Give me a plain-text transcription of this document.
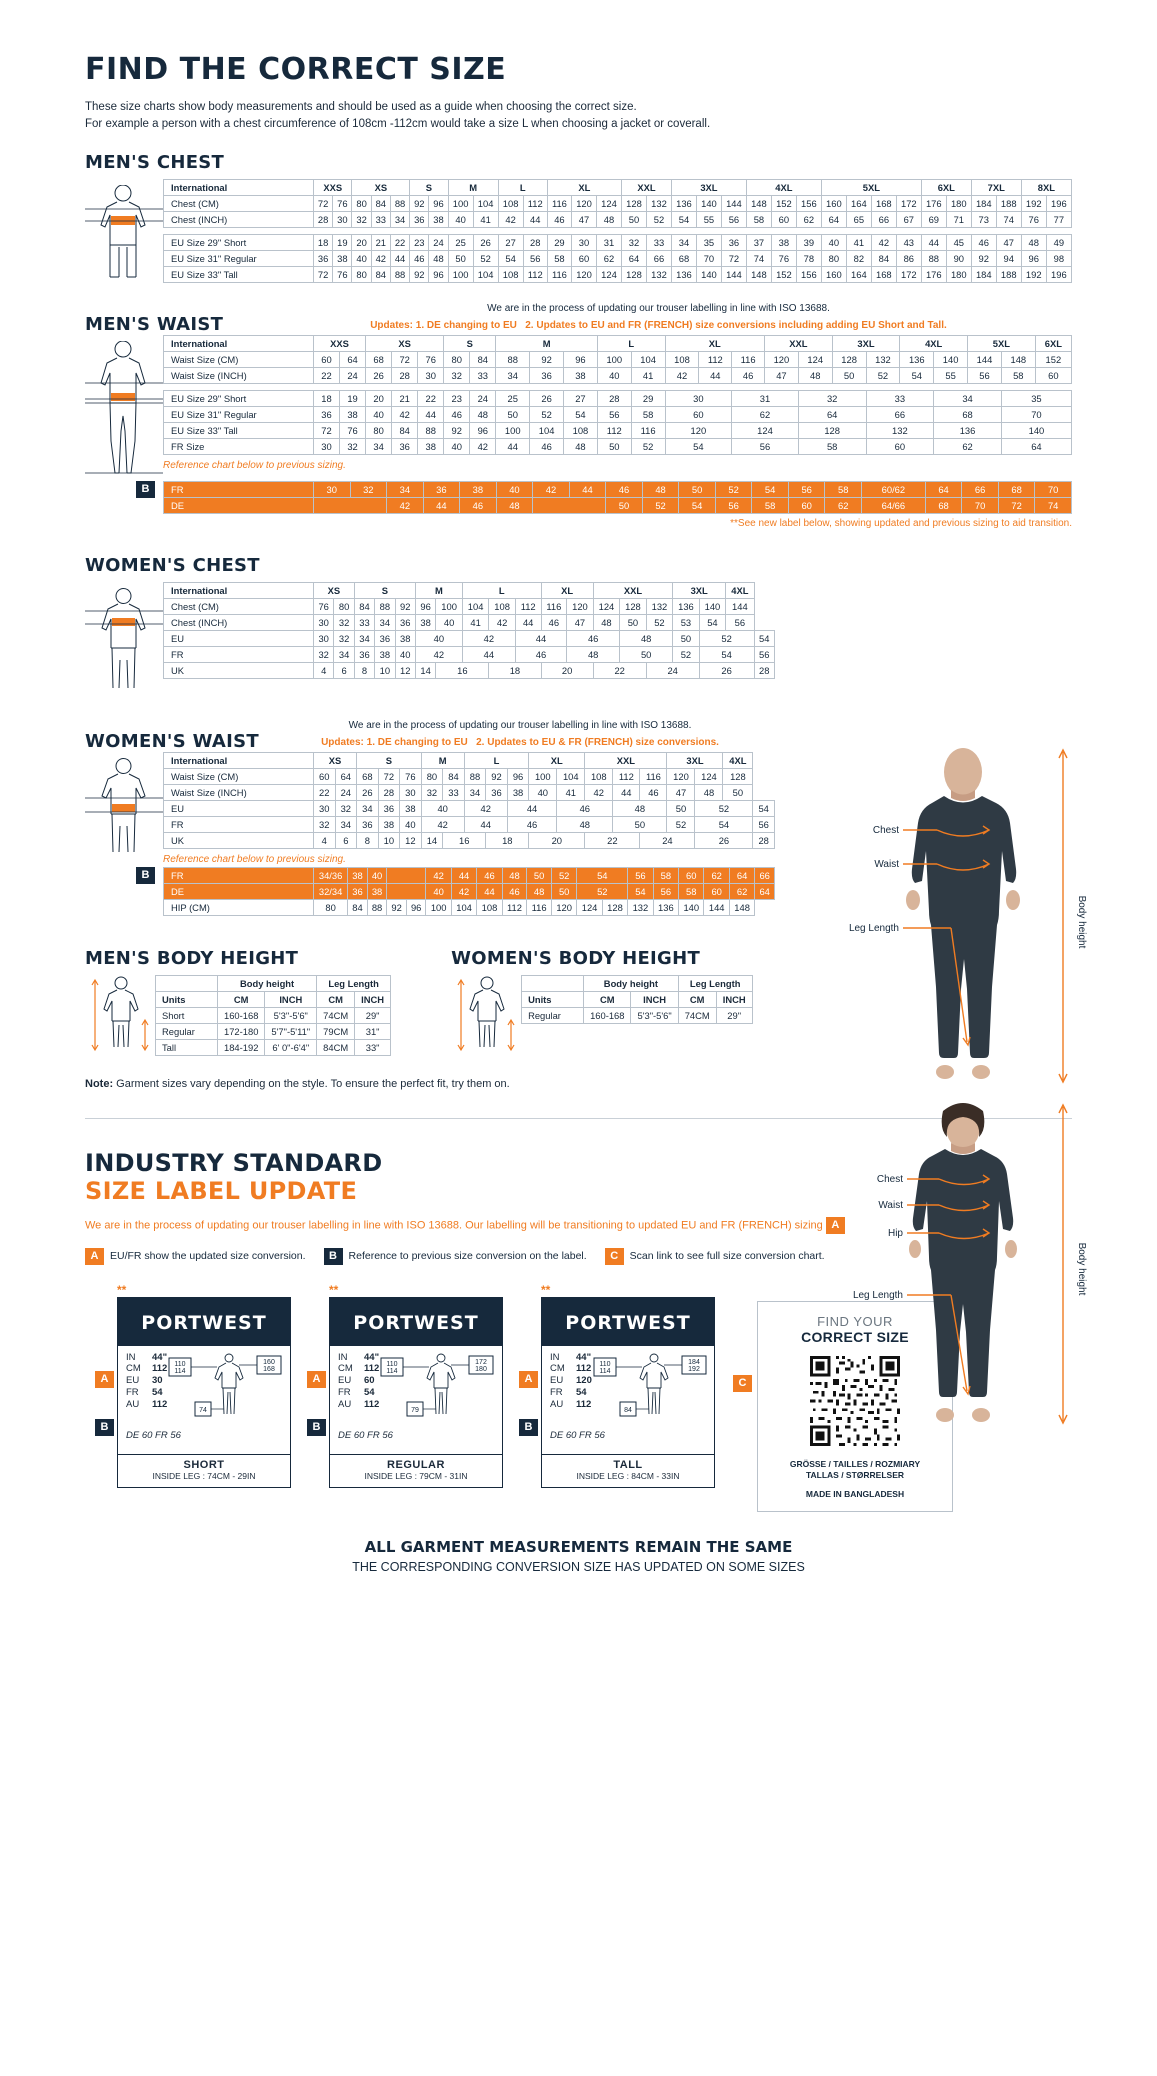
FIND THE CORRECT SIZE
These size charts show body measurements and should be used as a guide when choosing the correct size.
For example a person with a chest circumference of 108cm -112cm would take a size L when choosing a jacket or coverall.
MEN'S CHEST
International	XXS		XS			S		M		L		XL			XXL		3XL			4XL			5XL				6XL		7XL		8XL	
Chest (CM)	72	76	80	84	88	92	96	100	104	108	112	116	120	124	128	132	136	140	144	148	152	156	160	164	168	172	176	180	184	188	192	196
Chest (INCH)	28	30	32	33	34	36	38	40	41	42	44	46	47	48	50	52	54	55	56	58	60	62	64	65	66	67	69	71	73	74	76	77

EU Size 29" Short	18	19	20	21	22	23	24	25	26	27	28	29	30	31	32	33	34	35	36	37	38	39	40	41	42	43	44	45	46	47	48	49
EU Size 31" Regular	36	38	40	42	44	46	48	50	52	54	56	58	60	62	64	66	68	70	72	74	76	78	80	82	84	86	88	90	92	94	96	98
EU Size 33" Tall	72	76	80	84	88	92	96	100	104	108	112	116	120	124	128	132	136	140	144	148	152	156	160	164	168	172	176	180	184	188	192	196
MEN'S WAIST
We are in the process of updating our trouser labelling in line with ISO 13688.
Updates: 1. DE changing to EU 2. Updates to EU and FR (FRENCH) size conversions including adding EU Short and Tall.
International	XXS		XS			S		M			L		XL			XXL		3XL		4XL		5XL		6XL
Waist Size (CM)	60	64	68	72	76	80	84	88	92	96	100	104	108	112	116	120	124	128	132	136	140	144	148	152
Waist Size (INCH)	22	24	26	28	30	32	33	34	36	38	40	41	42	44	46	47	48	50	52	54	55	56	58	60

EU Size 29" Short	18	19	20	21	22	23	24	25	26	27	28	29	30		31		32		33		34		35	
EU Size 31" Regular	36	38	40	42	44	46	48	50	52	54	56	58	60		62		64		66		68		70	
EU Size 33" Tall	72	76	80	84	88	92	96	100	104	108	112	116	120		124		128		132		136		140	
FR Size	30	32	34	36	38	40	42	44	46	48	50	52	54		56		58		60		62		64	
Reference chart below to previous sizing.
B	FR	30	32	34	36	38	40	42	44	46	48	50	52	54	56	58	60/62	64	66	68	70
DE			42	44	46	48			50	52	54	56	58	60	62	64/66	68	70	72	74
**See new label below, showing updated and previous sizing to aid transition.
WOMEN'S CHEST
International	XS		S			M		L			XL		XXL			3XL		4XL	
Chest (CM)	76	80	84	88	92	96	100	104	108	112	116	120	124	128	132	136	140	144	
Chest (INCH)	30	32	33	34	36	38	40	41	42	44	46	47	48	50	52	53	54	56	
EU	30	32	34	36	38	40		42		44		46		48		50	52		54
FR	32	34	36	38	40	42		44		46		48		50		52	54		56
UK	4	6	8	10	12	14	16		18		20		22		24		26		28
WOMEN'S WAIST
We are in the process of updating our trouser labelling in line with ISO 13688.
Updates: 1. DE changing to EU 2. Updates to EU & FR (FRENCH) size conversions.
International	XS		S			M		L			XL		XXL			3XL		4XL	
Waist Size (CM)	60	64	68	72	76	80	84	88	92	96	100	104	108	112	116	120	124	128	
Waist Size (INCH)	22	24	26	28	30	32	33	34	36	38	40	41	42	44	46	47	48	50	
EU	30	32	34	36	38	40		42		44		46		48		50	52		54
FR	32	34	36	38	40	42		44		46		48		50		52	54		56
UK	4	6	8	10	12	14	16		18		20		22		24		26		28
Reference chart below to previous sizing.
B	FR	34/36	38	40			42	44	46	48	50	52	54		56	58	60	62	64	66
DE	32/34	36	38			40	42	44	46	48	50	52		54	56	58	60	62	64
HIP (CM)	80	84	88	92	96	100	104	108	112	116	120	124	128	132	136	140	144	148	
MEN'S BODY HEIGHT
	Body height		Leg Length	
Units	CM	INCH	CM	INCH
Short	160-168	5'3"-5'6"	74CM	29"
Regular	172-180	5'7"-5'11"	79CM	31"
Tall	184-192	6' 0"-6'4"	84CM	33"
WOMEN'S BODY HEIGHT
	Body height		Leg Length	
Units	CM	INCH	CM	INCH
Regular	160-168	5'3"-5'6"	74CM	29"
Note: Garment sizes vary depending on the style. To ensure the perfect fit, try them on.
INDUSTRY STANDARD
SIZE LABEL UPDATE
We are in the process of updating our trouser labelling in line with ISO 13688. Our labelling will be transitioning to updated EU and FR (FRENCH) sizing A
A	EU/FR show the updated size conversion.	B	Reference to previous size conversion on the label.	C	Scan link to see full size conversion chart.
**
PORTWEST
IN	44"
CM	112
EU	30
FR	54
AU	112
110
114
160
168
74
DE 60 FR 56
SHORT
INSIDE LEG : 74CM - 29IN
A
B
**
PORTWEST
IN	44"
CM	112
EU	60
FR	54
AU	112
110
114
172
180
79
DE 60 FR 56
REGULAR
INSIDE LEG : 79CM - 31IN
A
B
**
PORTWEST
IN	44"
CM	112
EU	120
FR	54
AU	112
110
114
184
192
84
DE 60 FR 56
TALL
INSIDE LEG : 84CM - 33IN
A
B
C
FIND YOUR
CORRECT SIZE
GRÖSSE / TAILLES / ROZMIARY
TALLAS / STØRRELSER
MADE IN BANGLADESH
ALL GARMENT MEASUREMENTS REMAIN THE SAME
THE CORRESPONDING CONVERSION SIZE HAS UPDATED ON SOME SIZES
Chest
Waist
Leg Length	Body height
Chest
Waist
Hip
Leg Length
Body height
